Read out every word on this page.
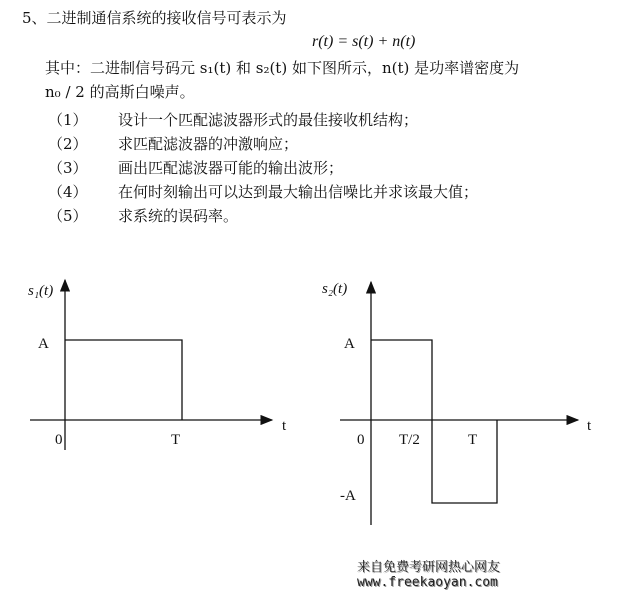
5、二进制通信系统的接收信号可表示为
r(t) = s(t) + n(t)
其中：二进制信号码元 s₁(t) 和 s₂(t) 如下图所示，n(t) 是功率谱密度为
n₀ / 2 的高斯白噪声。
（1） 设计一个匹配滤波器形式的最佳接收机结构；
（2） 求匹配滤波器的冲激响应；
（3） 画出匹配滤波器可能的输出波形；
（4） 在何时刻输出可以达到最大输出信噪比并求该最大值；
（5） 求系统的误码率。
s₁(t)
t
A
0	T
s₂(t)
t
A
-A
0 T/2	T
来自免费考研网热心网友www.freekaoyan.com
